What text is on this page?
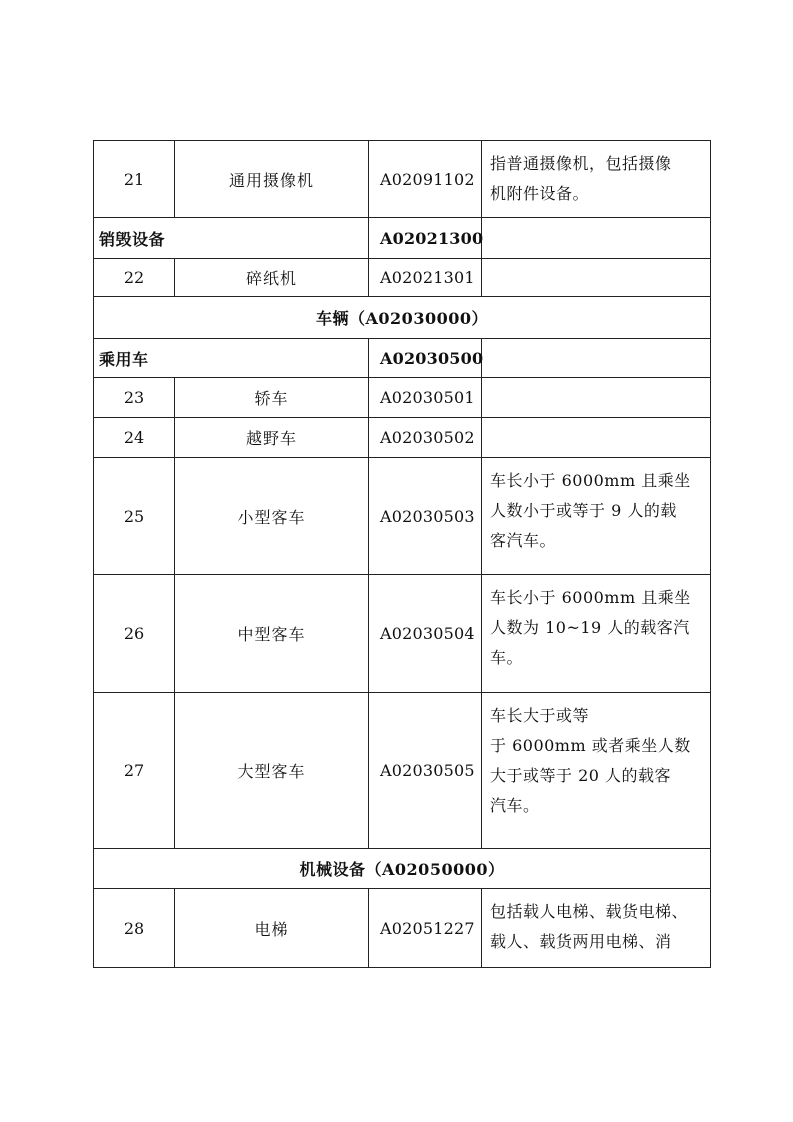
21	通用摄像机	A02091102	指普通摄像机，包括摄像
机附件设备。

销毁设备		A02021300	
22	碎纸机	A02021301	
车辆（A02030000）			
乘用车		A02030500	
23	轿车	A02030501	
24	越野车	A02030502	
25	小型客车	A02030503	车长小于 6000mm 且乘坐
人数小于或等于 9 人的载
客汽车。

26	中型客车	A02030504	车长小于 6000mm 且乘坐
人数为 10~19 人的载客汽
车。

27	大型客车	A02030505	车长大于或等
于 6000mm 或者乘坐人数
大于或等于 20 人的载客
汽车。

机械设备（A02050000）			
28	电梯	A02051227	包括载人电梯、载货电梯、
载人、载货两用电梯、消
